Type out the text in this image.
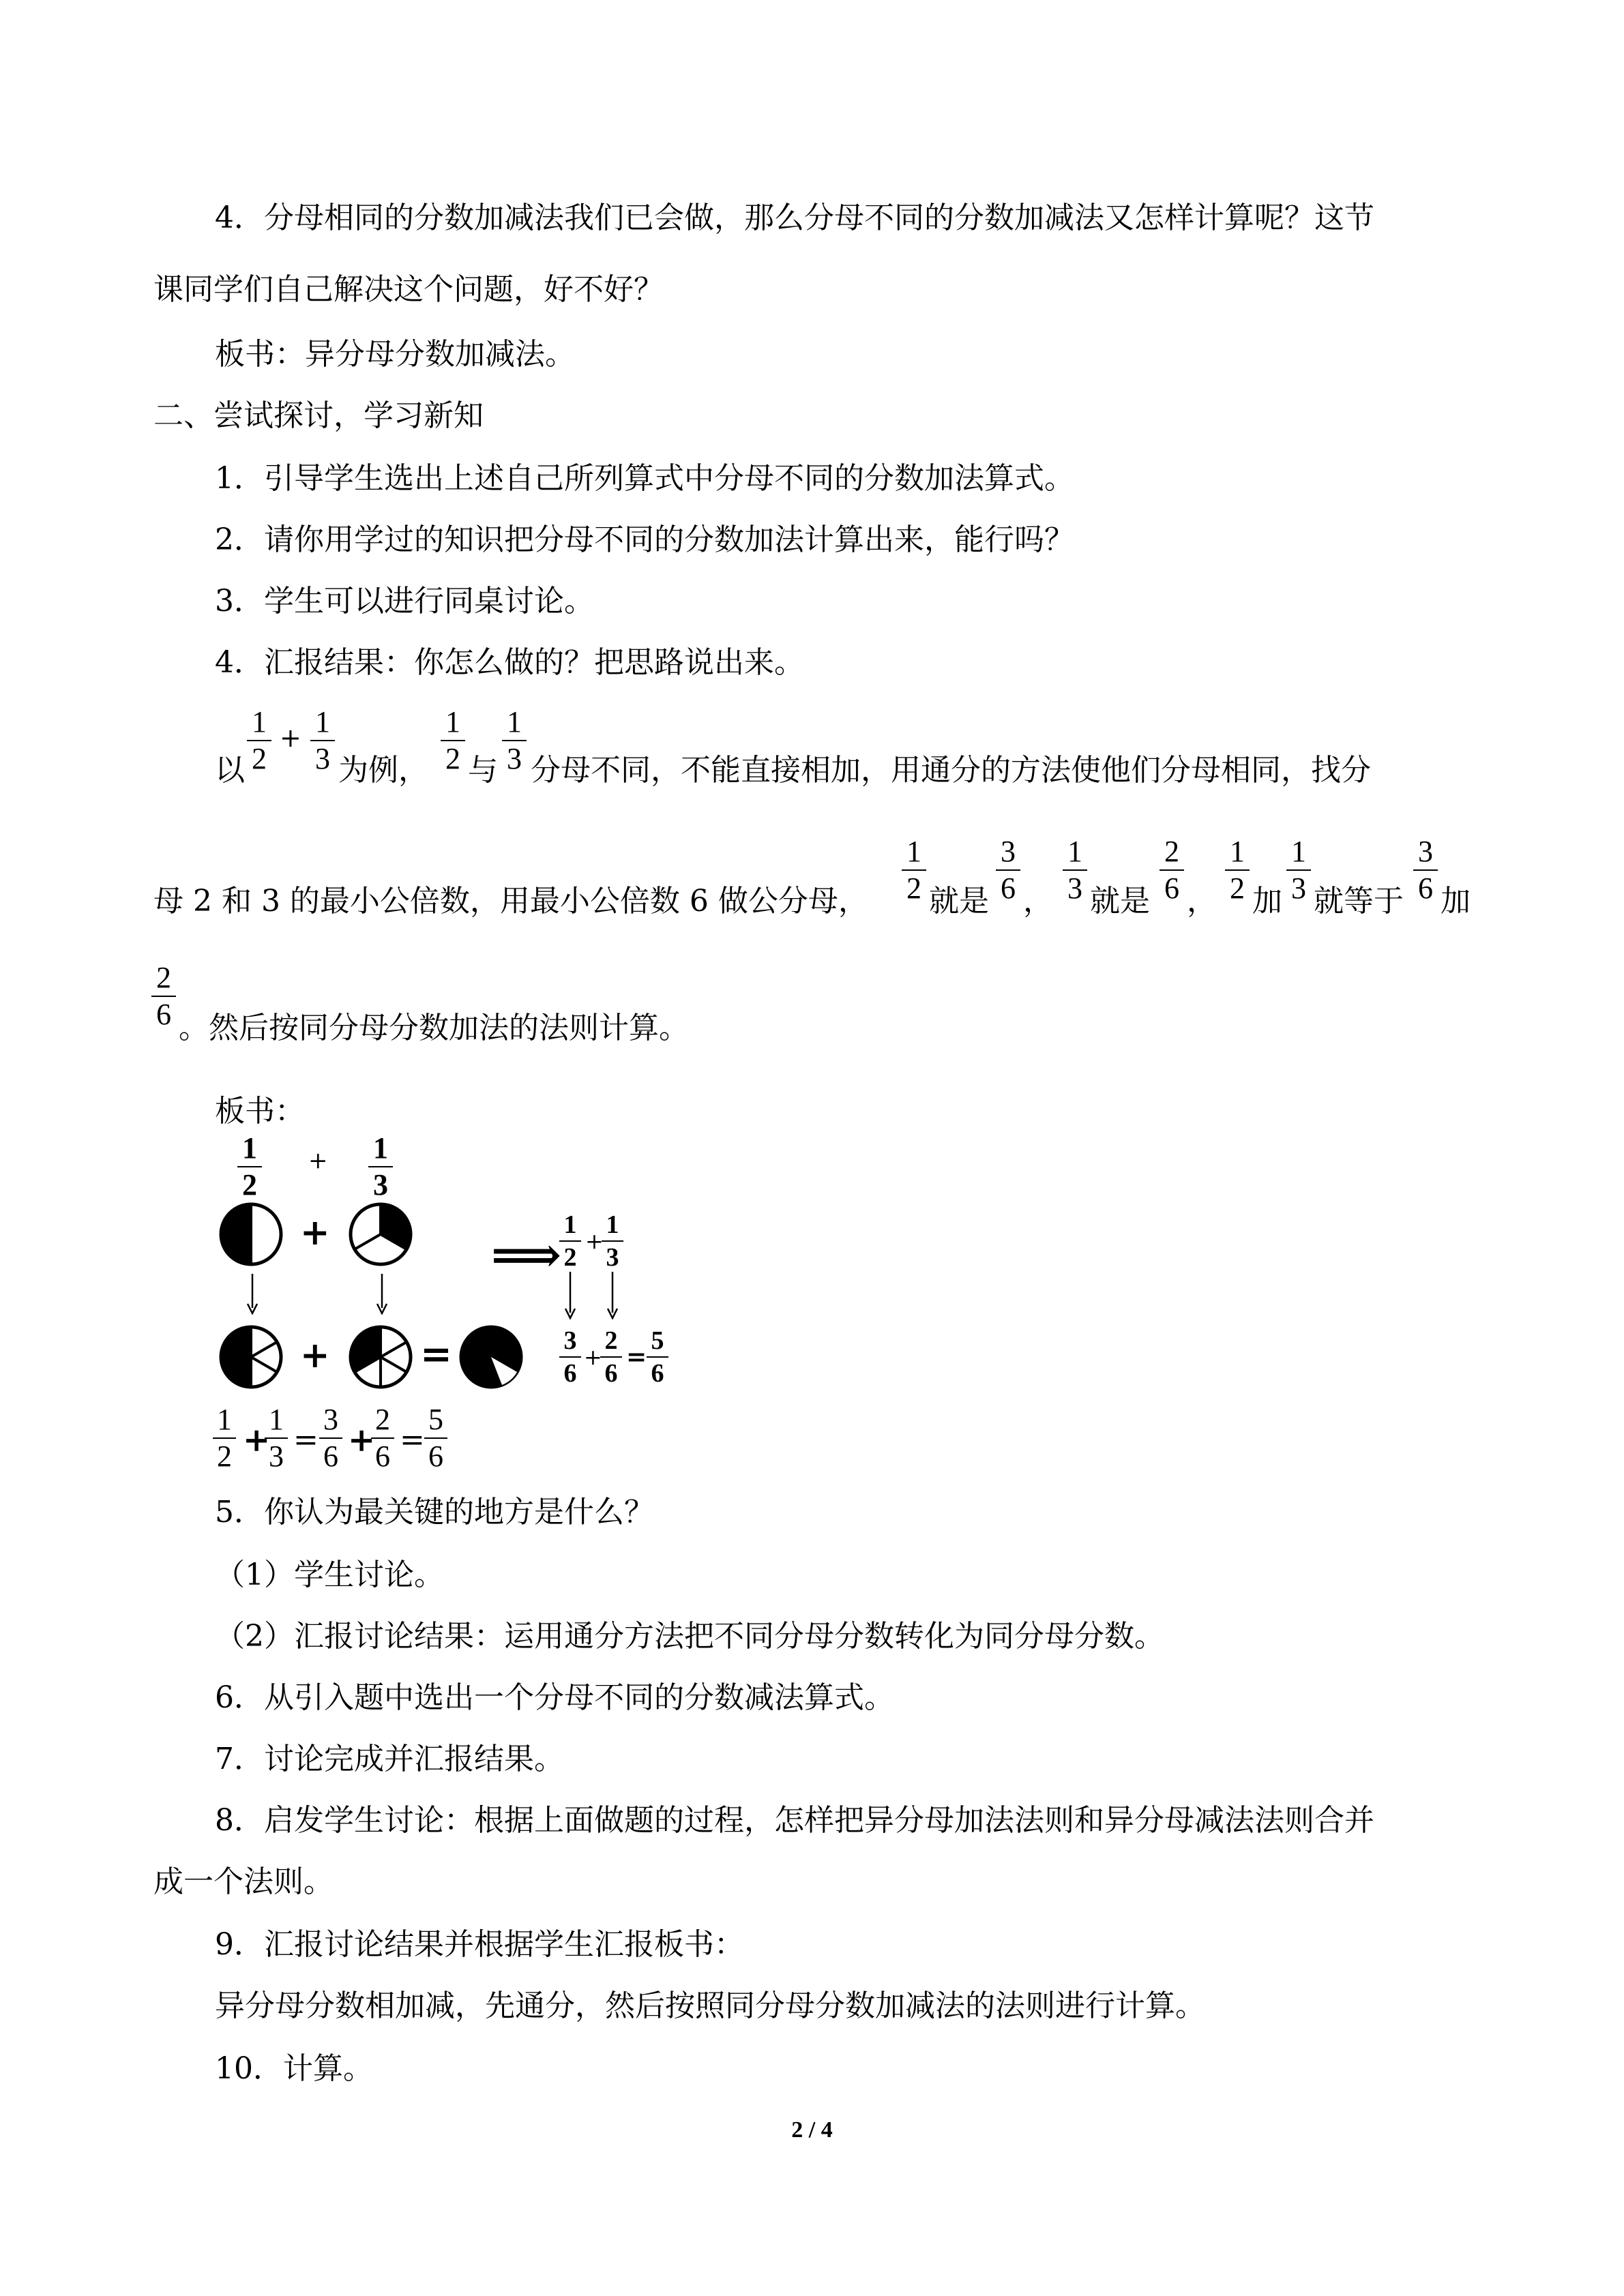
4．分母相同的分数加减法我们已会做，那么分母不同的分数加减法又怎样计算呢？这节
课同学们自己解决这个问题，好不好？
板书：异分母分数加减法。
二、尝试探讨，学习新知
1．引导学生选出上述自己所列算式中分母不同的分数加法算式。
2．请你用学过的知识把分母不同的分数加法计算出来，能行吗？
3．学生可以进行同桌讨论。
4．汇报结果：你怎么做的？把思路说出来。
以
1
2
+ 1
3 为例，
1
2 与
1
3 分母不同，不能直接相加，用通分的方法使他们分母相同，找分
母 2 和 3 的最小公倍数，用最小公倍数 6 做公分母，
1
2 就是
3
6 ，
1
3 就是
2
6 ，
1
2 加
1
3 就等于
3
6 加
2
6 。然后按同分母分数加法的法则计算。
板书：
1
2
+ 1
3
+
+ =
⟹
1
2
+
1
3
3
6
+
2
6
=
5
6
1
2 +
1
3 =
3
6 +
2
6 =
5
6
5．你认为最关键的地方是什么？
（1）学生讨论。
（2）汇报讨论结果：运用通分方法把不同分母分数转化为同分母分数。
6．从引入题中选出一个分母不同的分数减法算式。
7．讨论完成并汇报结果。
8．启发学生讨论：根据上面做题的过程，怎样把异分母加法法则和异分母减法法则合并
成一个法则。
9．汇报讨论结果并根据学生汇报板书：
异分母分数相加减，先通分，然后按照同分母分数加减法的法则进行计算。
10．计算。
2 / 4
